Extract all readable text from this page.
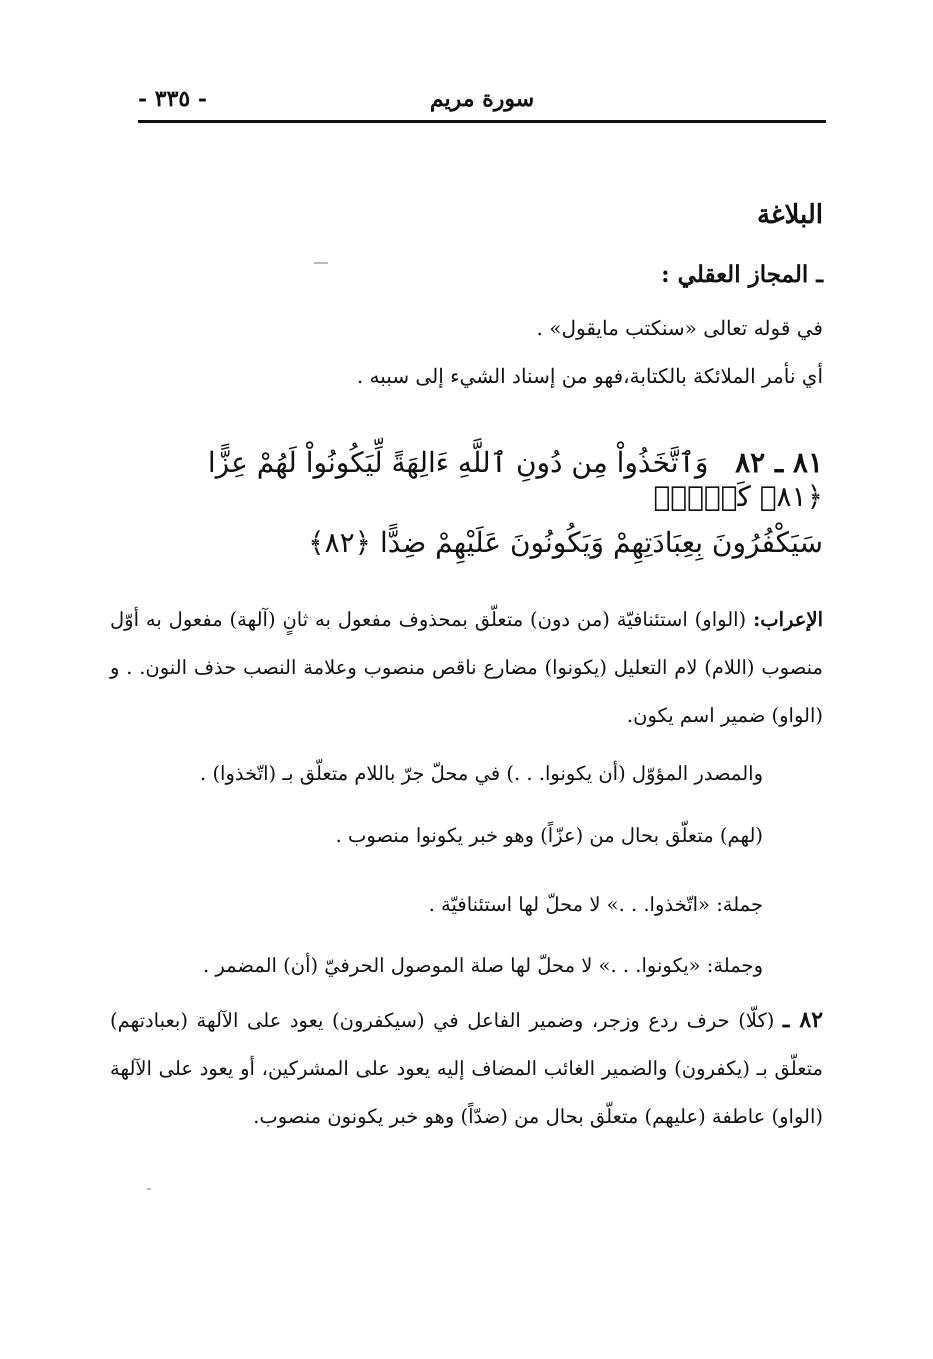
سورة مريم
- ٣٣٥ -
البلاغة
ـ المجاز العقلي :
في قوله تعالى «سنكتب مايقول» .
أي نأمر الملائكة بالكتابة،فهو من إسناد الشيء إلى سببه .
٨١ ـ ٨٢   وَٱتَّخَذُواْ مِن دُونِ ٱللَّهِ ءَالِهَةً لِّيَكُونُواْ لَهُمْ عِزًّا ﴿٨١﴾ كَلَّاۚ
سَيَكْفُرُونَ بِعِبَادَتِهِمْ وَيَكُونُونَ عَلَيْهِمْ ضِدًّا ﴿٨٢﴾
الإعراب: (الواو) استئنافيّة (من دون) متعلّق بمحذوف مفعول به ثانٍ (آلهة) مفعول به أوّل منصوب (اللام) لام التعليل (يكونوا) مضارع ناقص منصوب وعلامة النصب حذف النون. . و (الواو) ضمير اسم يكون.
والمصدر المؤوّل (أن يكونوا. . .) في محلّ جرّ باللام متعلّق بـ (اتّخذوا) .
(لهم) متعلّق بحال من (عزّاً) وهو خبر يكونوا منصوب .
جملة: «اتّخذوا. . .» لا محلّ لها استئنافيّة .
وجملة: «يكونوا. . .» لا محلّ لها صلة الموصول الحرفيّ (أن) المضمر .
٨٢ ـ (كلّا) حرف ردع وزجر، وضمير الفاعل في (سيكفرون) يعود على الآلهة (بعبادتهم) متعلّق بـ (يكفرون) والضمير الغائب المضاف إليه يعود على المشركين، أو يعود على الآلهة (الواو) عاطفة (عليهم) متعلّق بحال من (ضدّاً) وهو خبر يكونون منصوب.
